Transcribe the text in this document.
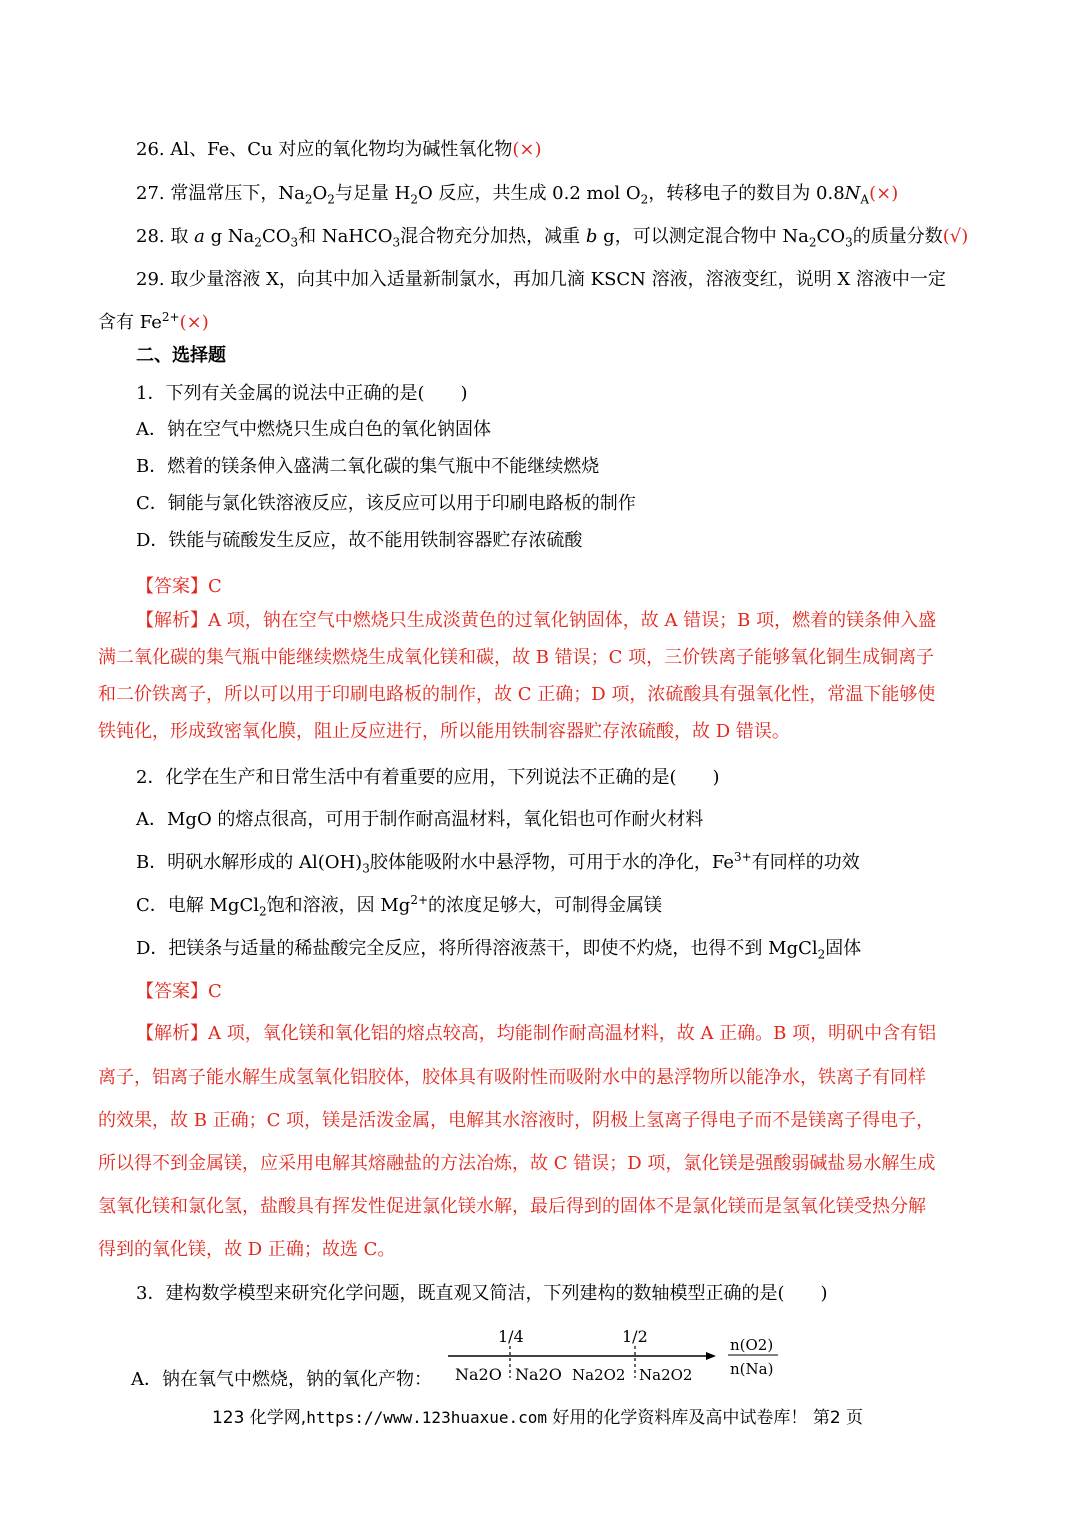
26. Al、Fe、Cu 对应的氧化物均为碱性氧化物(×)
27. 常温常压下，$Na_2O_2$与足量 $H_2O$ 反应，共生成 0.2 mol $O_2$，转移电子的数目为 $0.8N_A(\times)$
28. 取 a g $Na_2CO_3$和 NaHCO$_3$混合物充分加热，减重 b g，可以测定混合物中 $Na_2CO_3$的质量分数(√)
29. 取少量溶液 X，向其中加入适量新制氯水，再加几滴 KSCN 溶液，溶液变红，说明 X 溶液中一定
含有 $Fe^{2+}(\times)$
二、选择题
1．下列有关金属的说法中正确的是(　　)
A．钠在空气中燃烧只生成白色的氧化钠固体
B．燃着的镁条伸入盛满二氧化碳的集气瓶中不能继续燃烧
C．铜能与氯化铁溶液反应，该反应可以用于印刷电路板的制作
D．铁能与硫酸发生反应，故不能用铁制容器贮存浓硫酸
【答案】C
【解析】A 项，钠在空气中燃烧只生成淡黄色的过氧化钠固体，故 A 错误；B 项，燃着的镁条伸入盛
满二氧化碳的集气瓶中能继续燃烧生成氧化镁和碳，故 B 错误；C 项，三价铁离子能够氧化铜生成铜离子
和二价铁离子，所以可以用于印刷电路板的制作，故 C 正确；D 项，浓硫酸具有强氧化性，常温下能够使
铁钝化，形成致密氧化膜，阻止反应进行，所以能用铁制容器贮存浓硫酸，故 D 错误。
2．化学在生产和日常生活中有着重要的应用，下列说法不正确的是(　　)
A．MgO 的熔点很高，可用于制作耐高温材料，氧化铝也可作耐火材料
B．明矾水解形成的 $Al(OH)_3$胶体能吸附水中悬浮物，可用于水的净化，$Fe^{3+}$有同样的功效
C．电解 MgCl$_2$饱和溶液，因 $Mg^{2+}$的浓度足够大，可制得金属镁
D．把镁条与适量的稀盐酸完全反应，将所得溶液蒸干，即使不灼烧，也得不到 MgCl$_2$固体
【答案】C
【解析】A 项，氧化镁和氧化铝的熔点较高，均能制作耐高温材料，故 A 正确。B 项，明矾中含有铝
离子，铝离子能水解生成氢氧化铝胶体，胶体具有吸附性而吸附水中的悬浮物所以能净水，铁离子有同样
的效果，故 B 正确；C 项，镁是活泼金属，电解其水溶液时，阴极上氢离子得电子而不是镁离子得电子，
所以得不到金属镁，应采用电解其熔融盐的方法冶炼，故 C 错误；D 项，氯化镁是强酸弱碱盐易水解生成
氢氧化镁和氯化氢，盐酸具有挥发性促进氯化镁水解，最后得到的固体不是氯化镁而是氢氧化镁受热分解
得到的氧化镁，故 D 正确；故选 C。
3．建构数学模型来研究化学问题，既直观又简洁，下列建构的数轴模型正确的是(　　)
A．钠在氧气中燃烧，钠的氧化产物：
1/4	1/2
Na2O Na2O Na2O2 Na2O2
n(O2)
n(Na)
123 化学网,https://www.123huaxue.com 好用的化学资料库及高中试卷库！ 第2 页
